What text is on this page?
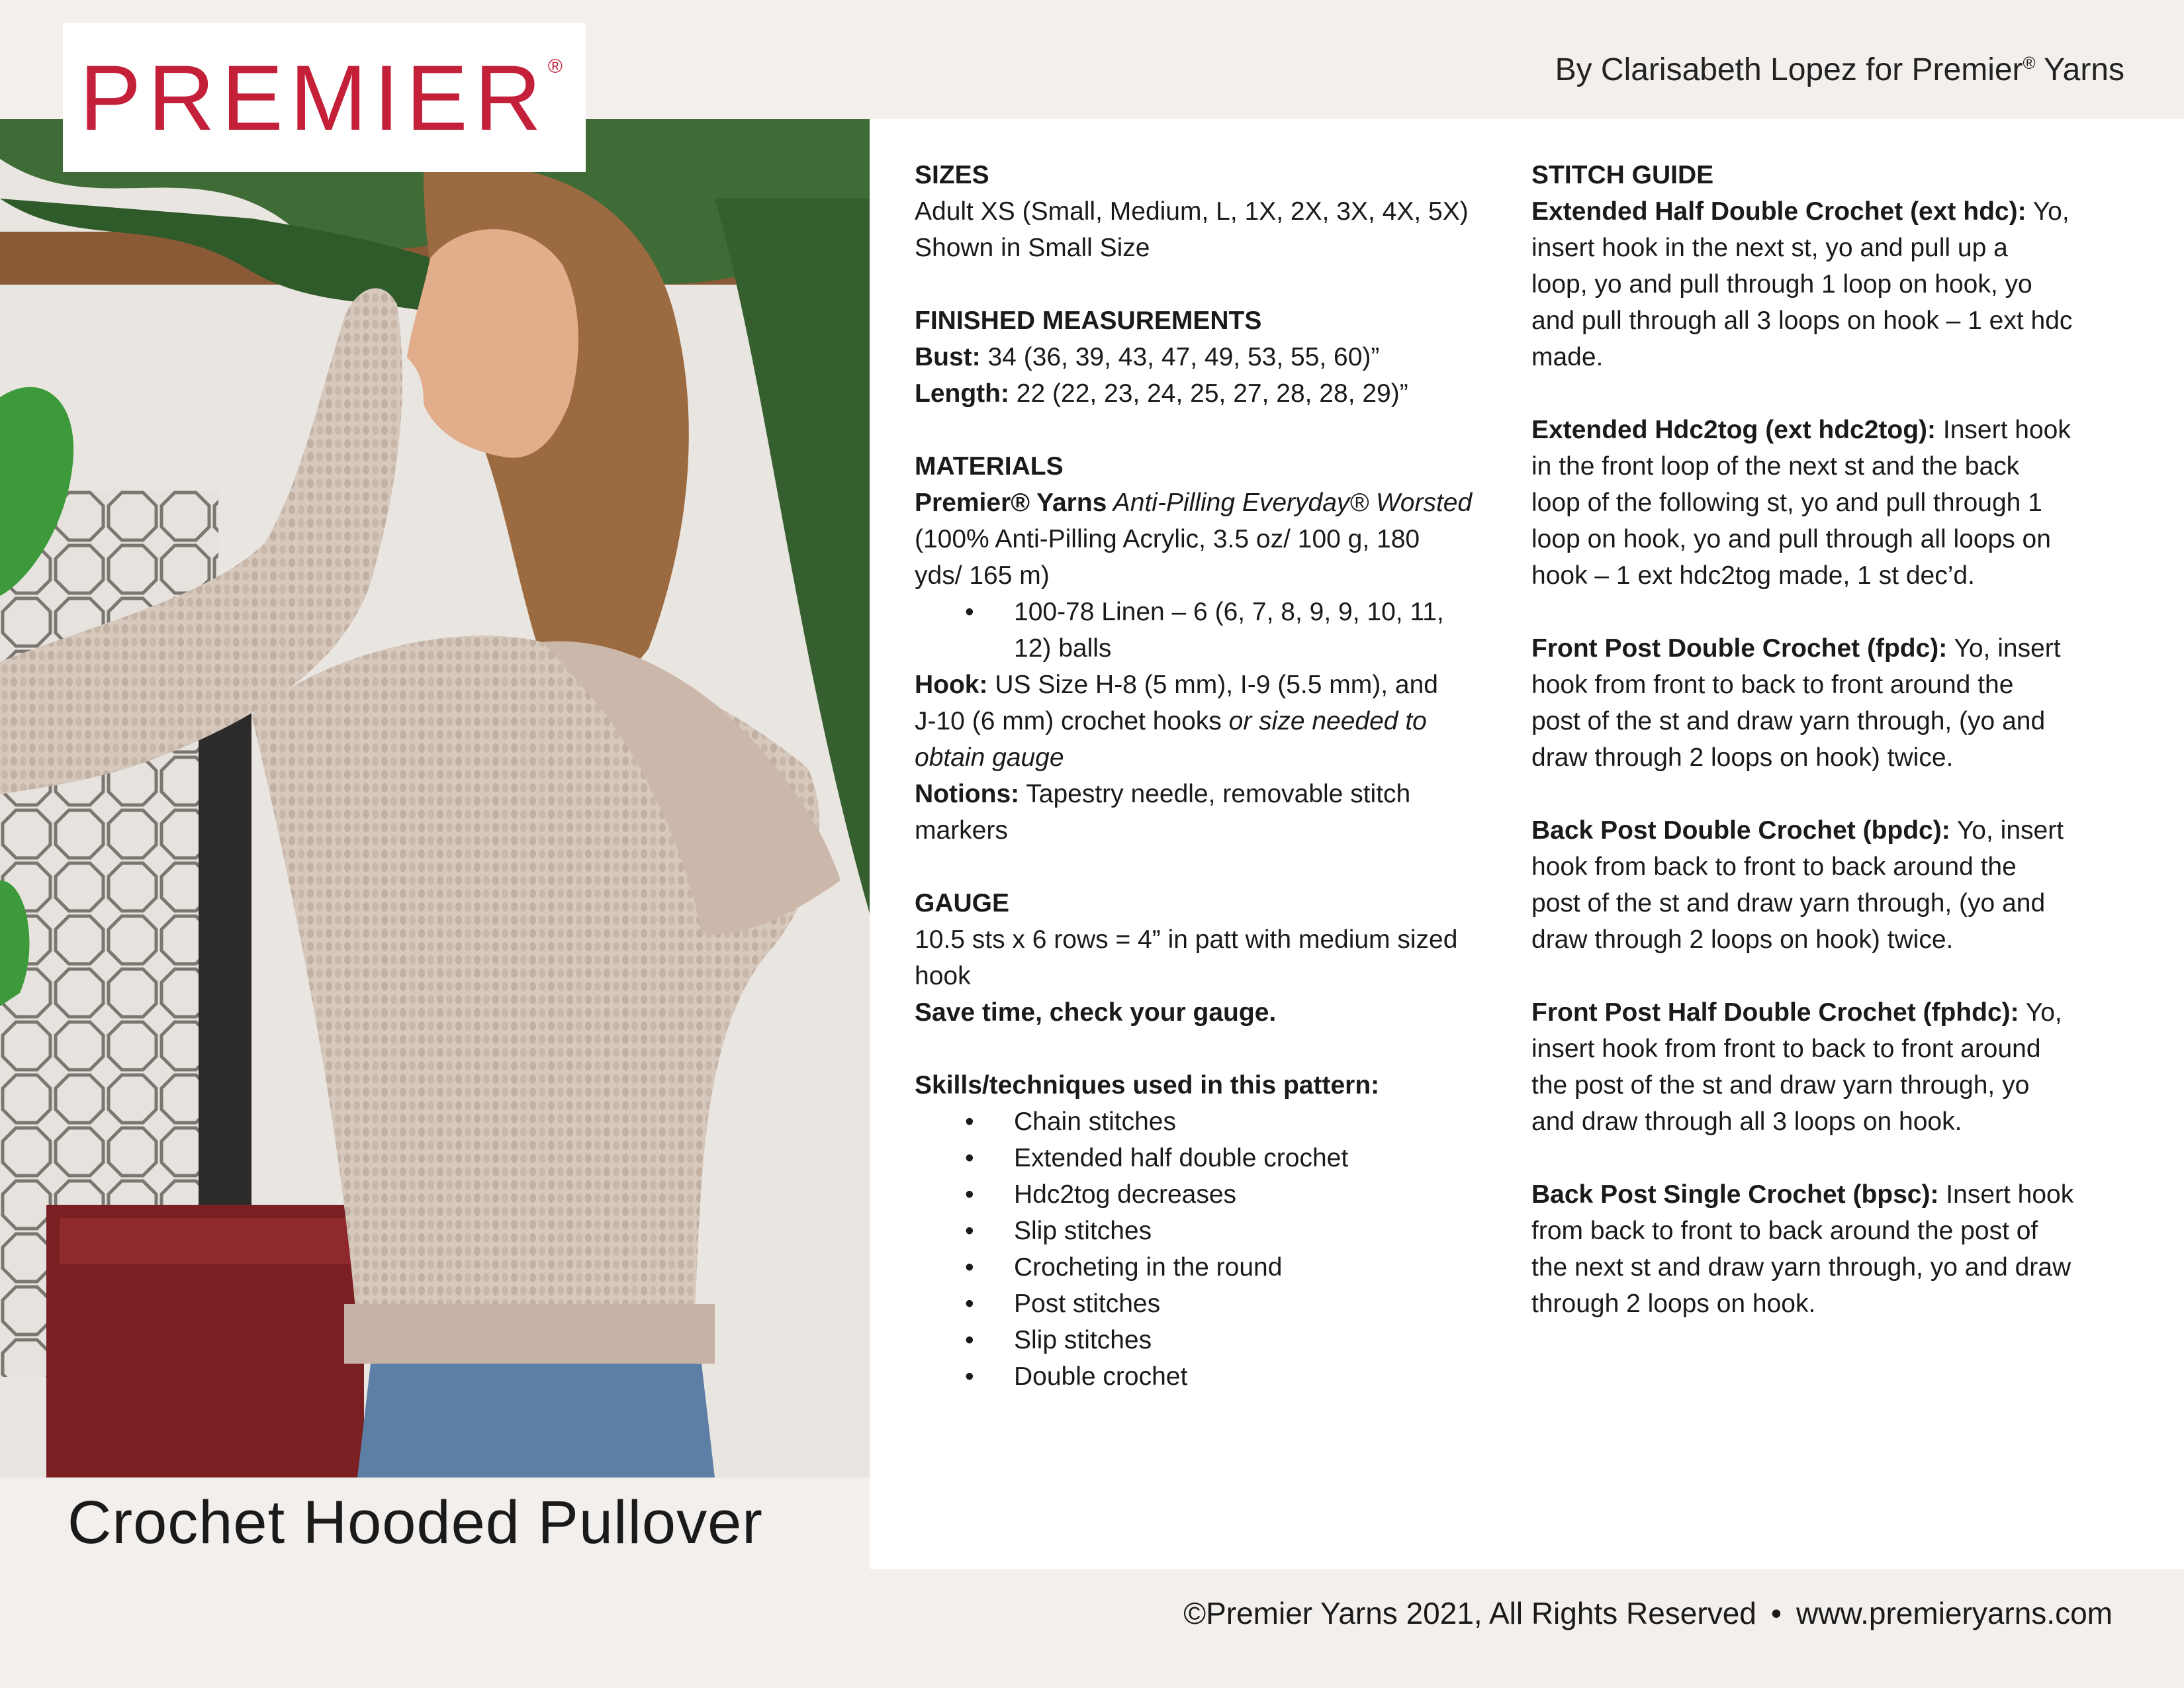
By Clarisabeth Lopez for Premier® Yarns
PREMIER®
Crochet Hooded Pullover

SIZES

Adult XS (Small, Medium, L, 1X, 2X, 3X, 4X, 5X)

Shown in Small Size

FINISHED MEASUREMENTS

Bust: 34 (36, 39, 43, 47, 49, 53, 55, 60)”

Length: 22 (22, 23, 24, 25, 27, 28, 28, 29)”

MATERIALS

Premier® Yarns Anti-Pilling Everyday® Worsted

(100% Anti-Pilling Acrylic, 3.5 oz/ 100 g, 180

yds/ 165 m)

• 100-78 Linen – 6 (6, 7, 8, 9, 9, 10, 11,
12) balls

Hook: US Size H-8 (5 mm), I-9 (5.5 mm), and

J-10 (6 mm) crochet hooks or size needed to

obtain gauge

Notions: Tapestry needle, removable stitch

markers

GAUGE

10.5 sts x 6 rows = 4” in patt with medium sized

hook

Save time, check your gauge.

Skills/techniques used in this pattern:

• Chain stitches
• Extended half double crochet
• Hdc2tog decreases
• Slip stitches
• Crocheting in the round
• Post stitches
• Slip stitches
• Double crochet

STITCH GUIDE

Extended Half Double Crochet (ext hdc): Yo,

insert hook in the next st, yo and pull up a

loop, yo and pull through 1 loop on hook, yo

and pull through all 3 loops on hook – 1 ext hdc

made.

Extended Hdc2tog (ext hdc2tog): Insert hook

in the front loop of the next st and the back

loop of the following st, yo and pull through 1

loop on hook, yo and pull through all loops on

hook – 1 ext hdc2tog made, 1 st dec’d.

Front Post Double Crochet (fpdc): Yo, insert

hook from front to back to front around the

post of the st and draw yarn through, (yo and

draw through 2 loops on hook) twice.

Back Post Double Crochet (bpdc): Yo, insert

hook from back to front to back around the

post of the st and draw yarn through, (yo and

draw through 2 loops on hook) twice.

Front Post Half Double Crochet (fphdc): Yo,

insert hook from front to back to front around

the post of the st and draw yarn through, yo

and draw through all 3 loops on hook.

Back Post Single Crochet (bpsc): Insert hook

from back to front to back around the post of

the next st and draw yarn through, yo and draw

through 2 loops on hook.

©Premier Yarns 2021, All Rights Reserved • www.premieryarns.com
